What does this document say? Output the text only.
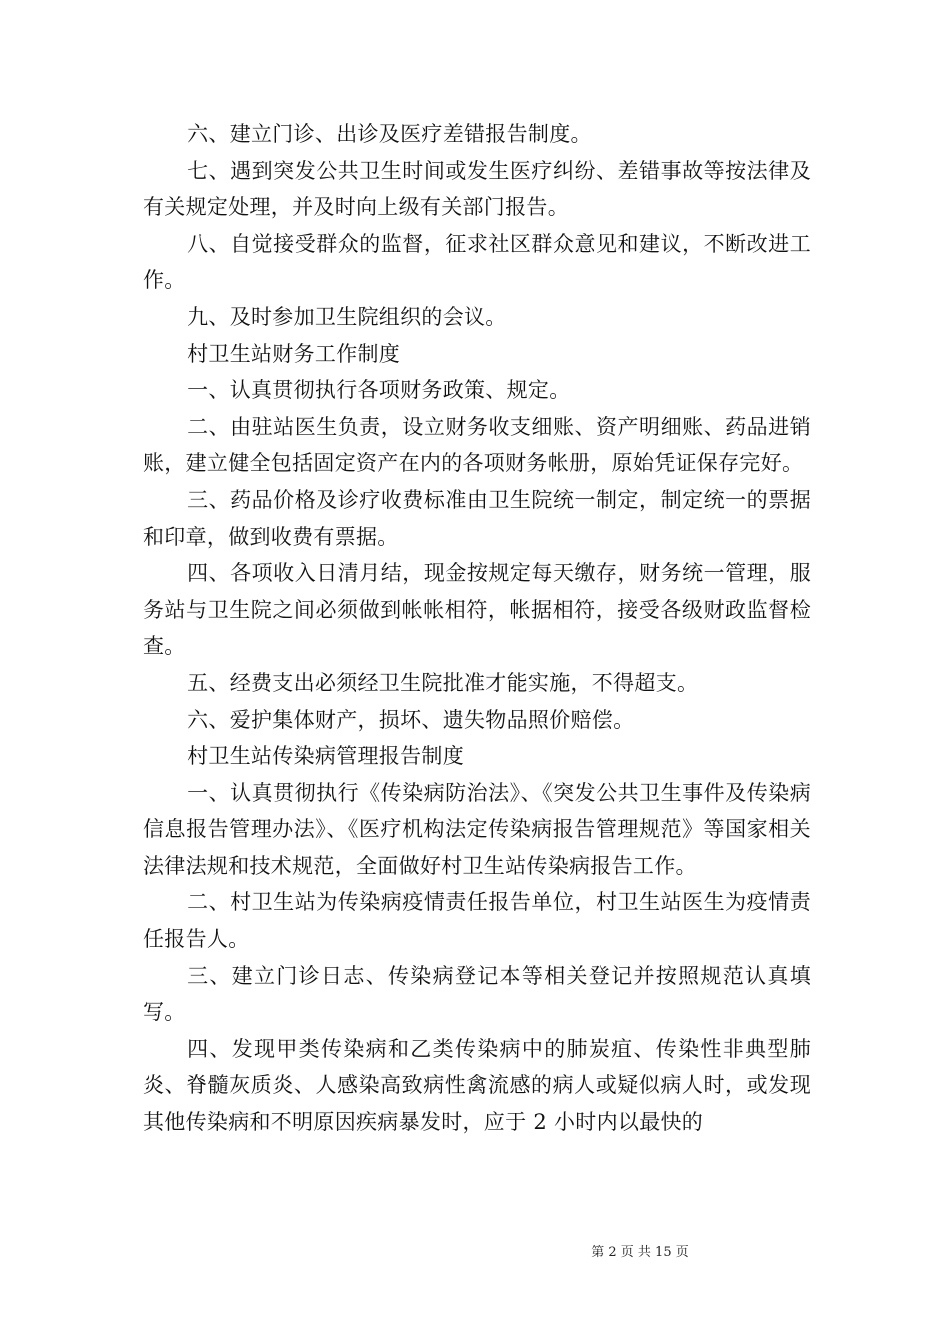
六、建立门诊、出诊及医疗差错报告制度。

七、遇到突发公共卫生时间或发生医疗纠纷、差错事故等按法律及有关规定处理，并及时向上级有关部门报告。

八、自觉接受群众的监督，征求社区群众意见和建议，不断改进工作。

九、及时参加卫生院组织的会议。

村卫生站财务工作制度

一、认真贯彻执行各项财务政策、规定。

二、由驻站医生负责，设立财务收支细账、资产明细账、药品进销账，建立健全包括固定资产在内的各项财务帐册，原始凭证保存完好。

三、药品价格及诊疗收费标准由卫生院统一制定，制定统一的票据和印章，做到收费有票据。

四、各项收入日清月结，现金按规定每天缴存，财务统一管理，服务站与卫生院之间必须做到帐帐相符，帐据相符，接受各级财政监督检查。

五、经费支出必须经卫生院批准才能实施，不得超支。

六、爱护集体财产，损坏、遗失物品照价赔偿。

村卫生站传染病管理报告制度

一、认真贯彻执行《传染病防治法》、《突发公共卫生事件及传染病信息报告管理办法》、《医疗机构法定传染病报告管理规范》等国家相关法律法规和技术规范，全面做好村卫生站传染病报告工作。

二、村卫生站为传染病疫情责任报告单位，村卫生站医生为疫情责任报告人。

三、建立门诊日志、传染病登记本等相关登记并按照规范认真填写。

四、发现甲类传染病和乙类传染病中的肺炭疽、传染性非典型肺炎、脊髓灰质炎、人感染高致病性禽流感的病人或疑似病人时，或发现其他传染病和不明原因疾病暴发时，应于 2 小时内以最快的

第 2 页 共 15 页
